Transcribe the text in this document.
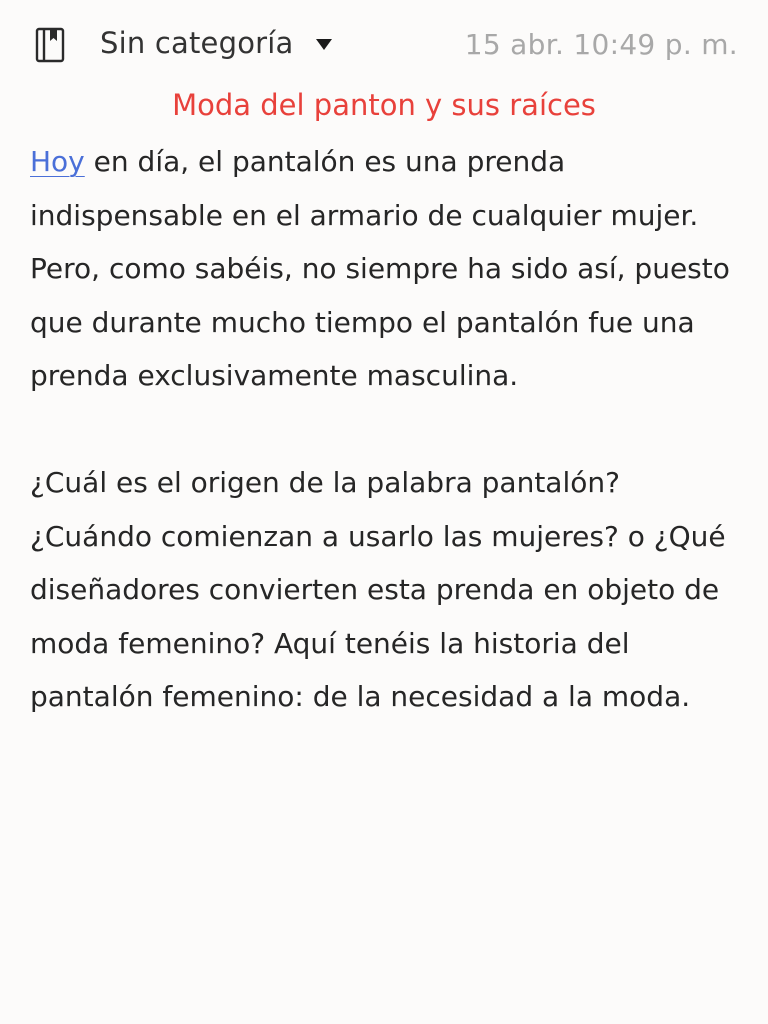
Sin categoría	15 abr. 10:49 p. m.
Moda del panton y sus raíces

Hoy en día, el pantalón es una prenda indispensable en el armario de cualquier mujer. Pero, como sabéis, no siempre ha sido así, puesto que durante mucho tiempo el pantalón fue una prenda exclusivamente masculina.

¿Cuál es el origen de la palabra pantalón? ¿Cuándo comienzan a usarlo las mujeres? o ¿Qué diseñadores convierten esta prenda en objeto de moda femenino? Aquí tenéis la historia del pantalón femenino: de la necesidad a la moda.
